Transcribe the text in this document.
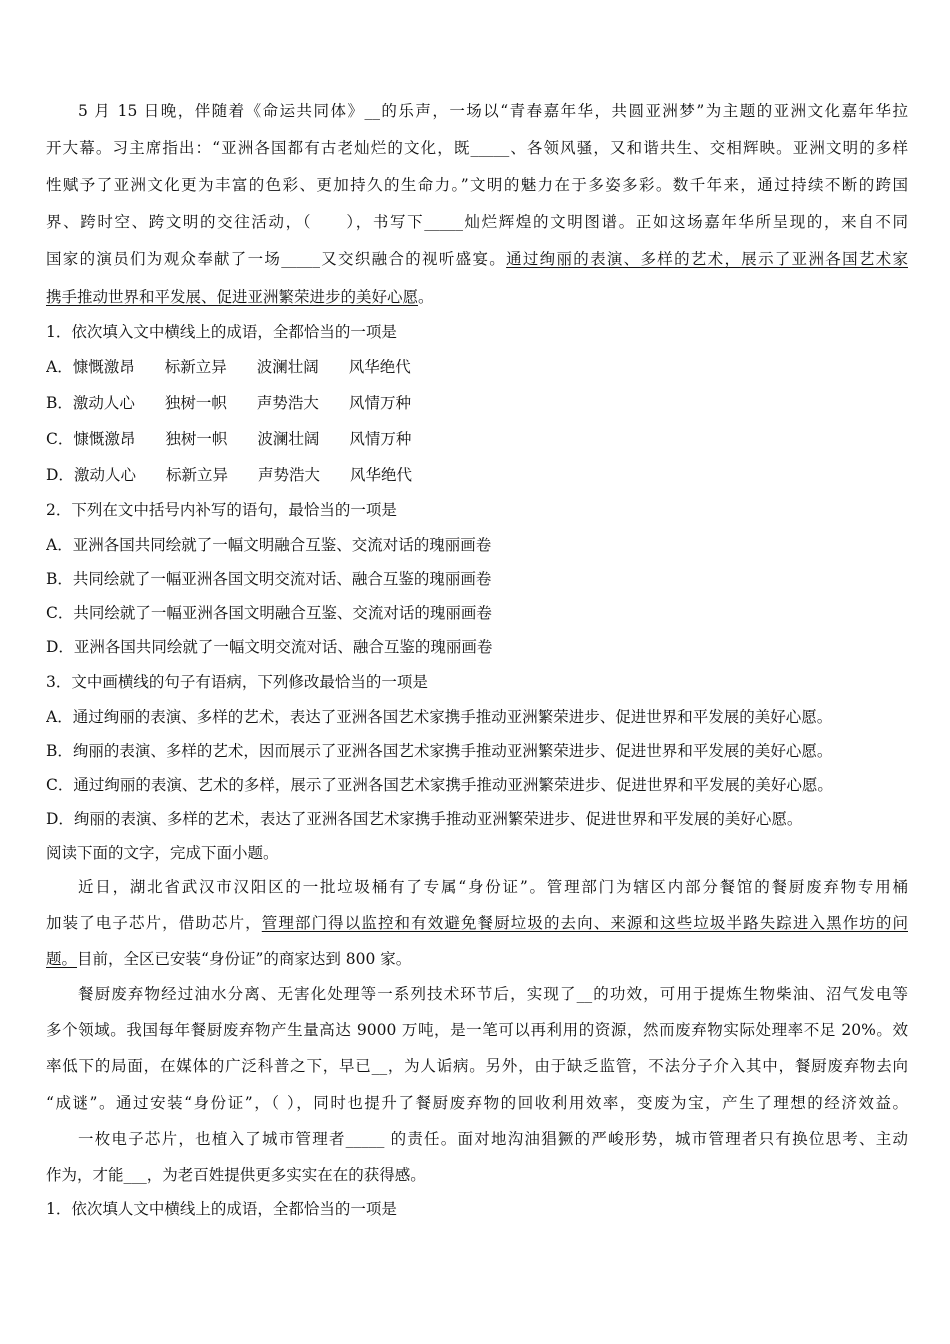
5 月 15 日晚，伴随着《命运共同体》__的乐声，一场以“青春嘉年华，共圆亚洲梦”为主题的亚洲文化嘉年华拉
开大幕。习主席指出：“亚洲各国都有古老灿烂的文化，既_____、各领风骚，又和谐共生、交相辉映。亚洲文明的多样
性赋予了亚洲文化更为丰富的色彩、更加持久的生命力。”文明的魅力在于多姿多彩。数千年来，通过持续不断的跨国
界、跨时空、跨文明的交往活动，（　　），书写下_____灿烂辉煌的文明图谱。正如这场嘉年华所呈现的，来自不同
国家的演员们为观众奉献了一场_____又交织融合的视听盛宴。通过绚丽的表演、多样的艺术，展示了亚洲各国艺术家
携手推动世界和平发展、促进亚洲繁荣进步的美好心愿。
1．依次填入文中横线上的成语，全都恰当的一项是
A．慷慨激昂 标新立异 波澜壮阔 风华绝代
B．激动人心 独树一帜 声势浩大 风情万种
C．慷慨激昂 独树一帜 波澜壮阔 风情万种
D．激动人心 标新立异 声势浩大 风华绝代
2．下列在文中括号内补写的语句，最恰当的一项是
A．亚洲各国共同绘就了一幅文明融合互鉴、交流对话的瑰丽画卷
B．共同绘就了一幅亚洲各国文明交流对话、融合互鉴的瑰丽画卷
C．共同绘就了一幅亚洲各国文明融合互鉴、交流对话的瑰丽画卷
D．亚洲各国共同绘就了一幅文明交流对话、融合互鉴的瑰丽画卷
3．文中画横线的句子有语病，下列修改最恰当的一项是
A．通过绚丽的表演、多样的艺术，表达了亚洲各国艺术家携手推动亚洲繁荣进步、促进世界和平发展的美好心愿。
B．绚丽的表演、多样的艺术，因而展示了亚洲各国艺术家携手推动亚洲繁荣进步、促进世界和平发展的美好心愿。
C．通过绚丽的表演、艺术的多样，展示了亚洲各国艺术家携手推动亚洲繁荣进步、促进世界和平发展的美好心愿。
D．绚丽的表演、多样的艺术，表达了亚洲各国艺术家携手推动亚洲繁荣进步、促进世界和平发展的美好心愿。
阅读下面的文字，完成下面小题。
近日，湖北省武汉市汉阳区的一批垃圾桶有了专属“身份证”。管理部门为辖区内部分餐馆的餐厨废弃物专用桶
加装了电子芯片，借助芯片，管理部门得以监控和有效避免餐厨垃圾的去向、来源和这些垃圾半路失踪进入黑作坊的问
题。目前，全区已安装“身份证”的商家达到 800 家。
餐厨废弃物经过油水分离、无害化处理等一系列技术环节后，实现了__的功效，可用于提炼生物柴油、沼气发电等
多个领域。我国每年餐厨废弃物产生量高达 9000 万吨，是一笔可以再利用的资源，然而废弃物实际处理率不足 20%。效
率低下的局面，在媒体的广泛科普之下，早已__，为人诟病。另外，由于缺乏监管，不法分子介入其中，餐厨废弃物去向
“成谜”。通过安装“身份证”，（ ），同时也提升了餐厨废弃物的回收利用效率，变废为宝，产生了理想的经济效益。
一枚电子芯片，也植入了城市管理者_____ 的责任。面对地沟油猖獗的严峻形势，城市管理者只有换位思考、主动
作为，才能___，为老百姓提供更多实实在在的获得感。
1．依次填人文中横线上的成语，全都恰当的一项是
